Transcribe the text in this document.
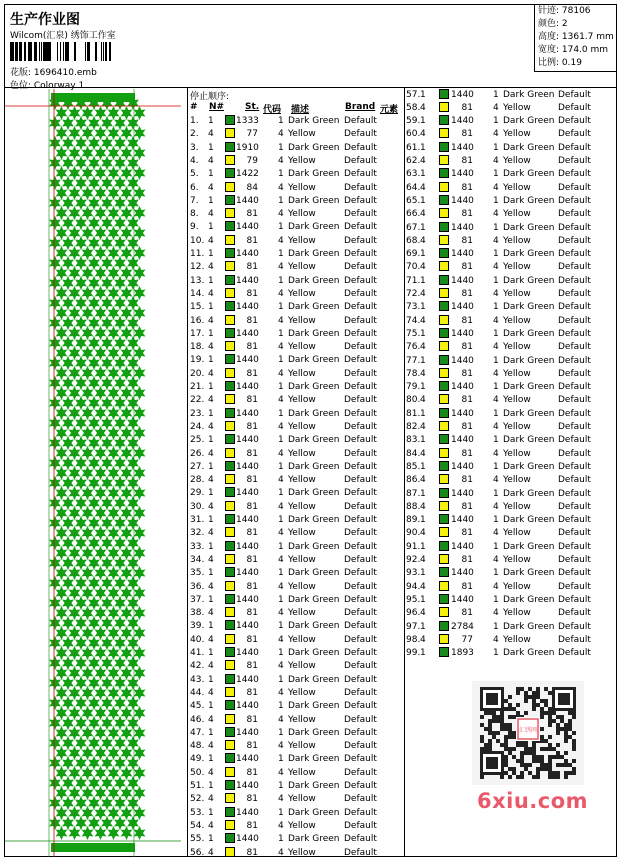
生产作业图
Wilcom(汇泉) 绣饰工作室
花版: 1696410.emb
色位: Colorway 1
针迹: 78106
颜色: 2
高度: 1361.7 mm
宽度: 174.0 mm
比例: 0.19
停止顺序:
# N# St. 代码 描述	Brand 元素
1. 1 1333 1 Dark Green Default
2. 4	77 4 Yellow	Default
3. 1 1910 1 Dark Green Default
4. 4	79 4 Yellow	Default
5. 1 1422 1 Dark Green Default
6. 4	84 4 Yellow	Default
7. 1 1440 1 Dark Green Default
8. 4	81 4 Yellow	Default
9. 1 1440 1 Dark Green Default
10. 4	81 4 Yellow	Default
11. 1 1440 1 Dark Green Default
12. 4	81 4 Yellow	Default
13. 1 1440 1 Dark Green Default
14. 4	81 4 Yellow	Default
15. 1 1440 1 Dark Green Default
16. 4	81 4 Yellow	Default
17. 1 1440 1 Dark Green Default
18. 4	81 4 Yellow	Default
19. 1 1440 1 Dark Green Default
20. 4	81 4 Yellow	Default
21. 1 1440 1 Dark Green Default
22. 4	81 4 Yellow	Default
23. 1 1440 1 Dark Green Default
24. 4	81 4 Yellow	Default
25. 1 1440 1 Dark Green Default
26. 4	81 4 Yellow	Default
27. 1 1440 1 Dark Green Default
28. 4	81 4 Yellow	Default
29. 1 1440 1 Dark Green Default
30. 4	81 4 Yellow	Default
31. 1 1440 1 Dark Green Default
32. 4	81 4 Yellow	Default
33. 1 1440 1 Dark Green Default
34. 4	81 4 Yellow	Default
35. 1 1440 1 Dark Green Default
36. 4	81 4 Yellow	Default
37. 1 1440 1 Dark Green Default
38. 4	81 4 Yellow	Default
39. 1 1440 1 Dark Green Default
40. 4	81 4 Yellow	Default
41. 1 1440 1 Dark Green Default
42. 4	81 4 Yellow	Default
43. 1 1440 1 Dark Green Default
44. 4	81 4 Yellow	Default
45. 1 1440 1 Dark Green Default
46. 4	81 4 Yellow	Default
47. 1 1440 1 Dark Green Default
48. 4	81 4 Yellow	Default
49. 1 1440 1 Dark Green Default
50. 4	81 4 Yellow	Default
51. 1 1440 1 Dark Green Default
52. 4	81 4 Yellow	Default
53. 1 1440 1 Dark Green Default
54. 4	81 4 Yellow	Default
55. 1 1440 1 Dark Green Default
56. 4	81 4 Yellow	Default
57. 1	1440 1 Dark Green Default
58. 4	81 4 Yellow	Default
59. 1	1440 1 Dark Green Default
60. 4	81 4 Yellow	Default
61. 1	1440 1 Dark Green Default
62. 4	81 4 Yellow	Default
63. 1	1440 1 Dark Green Default
64. 4	81 4 Yellow	Default
65. 1	1440 1 Dark Green Default
66. 4	81 4 Yellow	Default
67. 1	1440 1 Dark Green Default
68. 4	81 4 Yellow	Default
69. 1	1440 1 Dark Green Default
70. 4	81 4 Yellow	Default
71. 1	1440 1 Dark Green Default
72. 4	81 4 Yellow	Default
73. 1	1440 1 Dark Green Default
74. 4	81 4 Yellow	Default
75. 1	1440 1 Dark Green Default
76. 4	81 4 Yellow	Default
77. 1	1440 1 Dark Green Default
78. 4	81 4 Yellow	Default
79. 1	1440 1 Dark Green Default
80. 4	81 4 Yellow	Default
81. 1	1440 1 Dark Green Default
82. 4	81 4 Yellow	Default
83. 1	1440 1 Dark Green Default
84. 4	81 4 Yellow	Default
85. 1	1440 1 Dark Green Default
86. 4	81 4 Yellow	Default
87. 1	1440 1 Dark Green Default
88. 4	81 4 Yellow	Default
89. 1	1440 1 Dark Green Default
90. 4	81 4 Yellow	Default
91. 1	1440 1 Dark Green Default
92. 4	81 4 Yellow	Default
93. 1	1440 1 Dark Green Default
94. 4	81 4 Yellow	Default
95. 1	1440 1 Dark Green Default
96. 4	81 4 Yellow	Default
97. 1	2784 1 Dark Green Default
98. 4	77 4 Yellow	Default
99. 1	1893 1 Dark Green Default
汇绣网
6xiu.com
